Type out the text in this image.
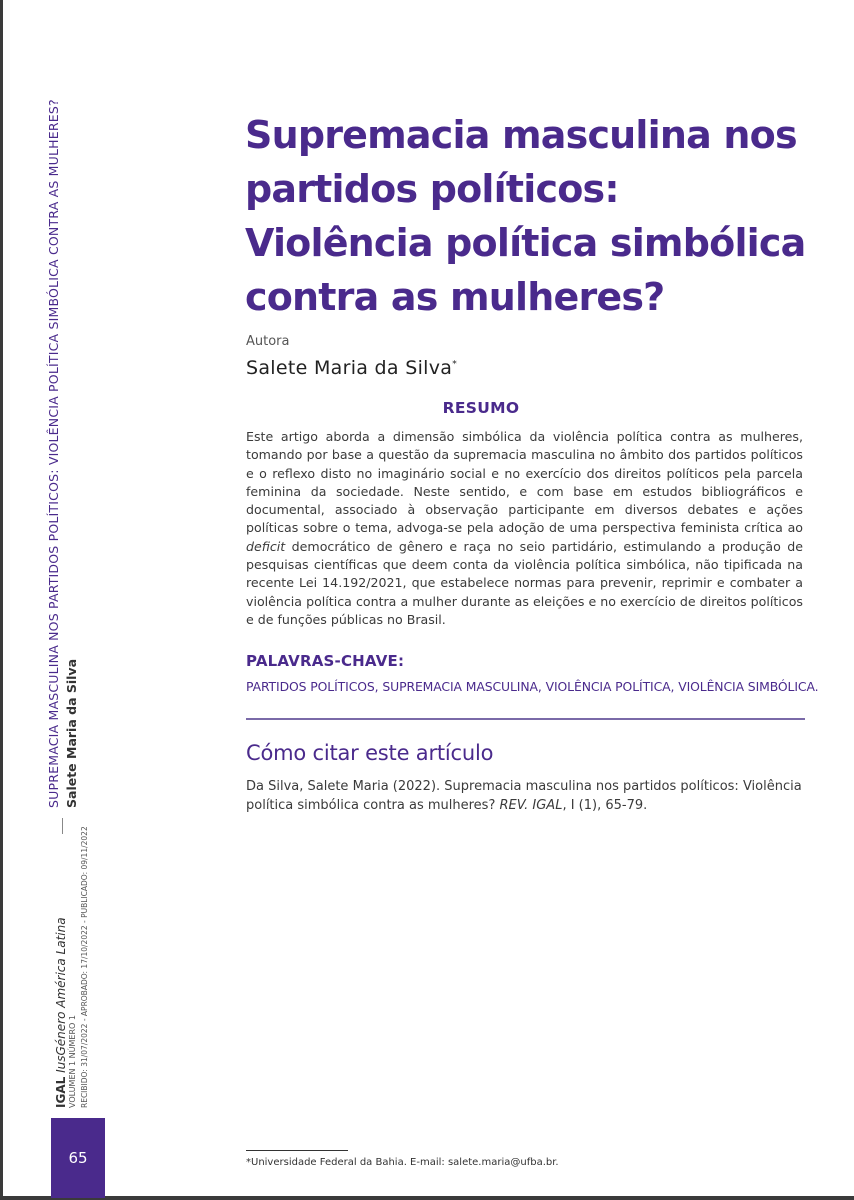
SUPREMACIA MASCULINA NOS PARTIDOS POLÍTICOS: VIOLÊNCIA POLÍTICA SIMBÓLICA CONTRA AS MULHERES? Salete Maria da Silva
IGAL IusGénero América Latina VOLUMEN 1 NÚMERO 1 RECIBIDO: 31/07/2022 - APROBADO: 17/10/2022 - PUBLICADO: 09/11/2022
65
Supremacia masculina nos
partidos políticos:
Violência política simbólica
contra as mulheres?
Autora
Salete Maria da Silva*
RESUMO

Este artigo aborda a dimensão simbólica da violência política contra as mulheres, tomando por base a questão da supremacia masculina no âmbito dos partidos políticos e o reflexo disto no imaginário social e no exercício dos direitos políticos pela parcela feminina da sociedade. Neste sentido, e com base em estudos bibliográficos e documental, associado à observação participante em diversos debates e ações políticas sobre o tema, advoga-se pela adoção de uma perspectiva feminista crítica ao deficit democrático de gênero e raça no seio partidário, estimulando a produção de pesquisas científicas que deem conta da violência política simbólica, não tipificada na recente Lei 14.192/2021, que estabelece normas para prevenir, reprimir e combater a violência política contra a mulher durante as eleições e no exercício de direitos políticos e de funções públicas no Brasil.

PALAVRAS-CHAVE:
PARTIDOS POLÍTICOS, SUPREMACIA MASCULINA, VIOLÊNCIA POLÍTICA, VIOLÊNCIA SIMBÓLICA.
Cómo citar este artículo

Da Silva, Salete Maria (2022). Supremacia masculina nos partidos políticos: Violência política simbólica contra as mulheres? REV. IGAL, I (1), 65-79.

*Universidade Federal da Bahia. E-mail: salete.maria@ufba.br.
